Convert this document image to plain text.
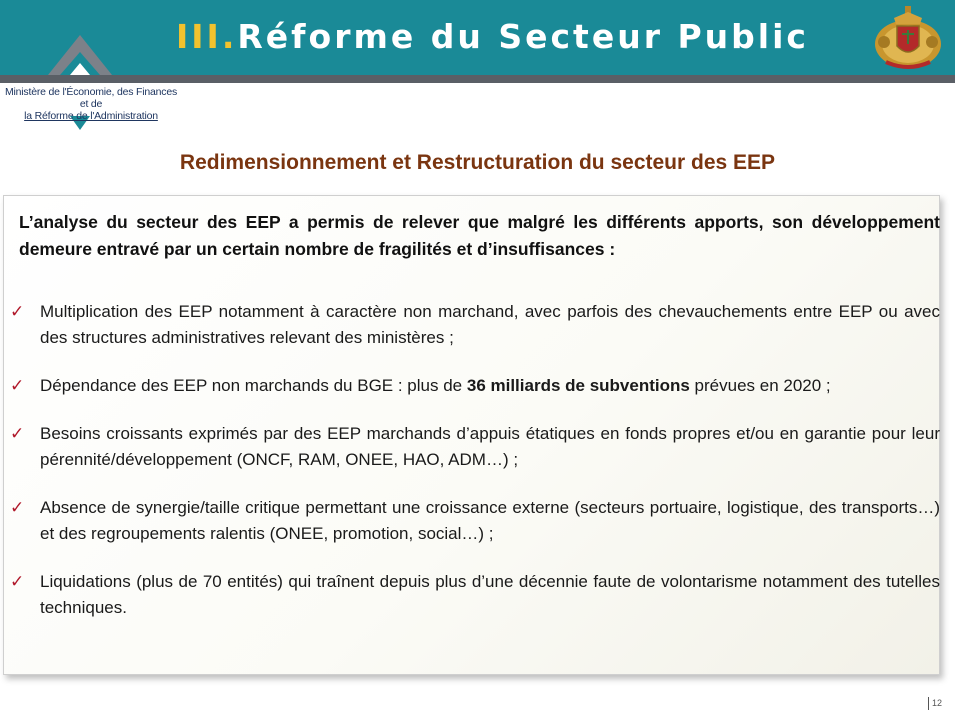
III.Réforme du Secteur Public
Ministère de l'Économie, des Finances et de
la Réforme de l'Administration
Redimensionnement et Restructuration du secteur des EEP
L’analyse du secteur des EEP a permis de relever que malgré les différents apports, son développement demeure entravé par un certain nombre de fragilités et d’insuffisances :
✓ Multiplication des EEP notamment à caractère non marchand, avec parfois des chevauchements entre EEP ou avec des structures administratives relevant des ministères ;
✓ Dépendance des EEP non marchands du BGE : plus de 36 milliards de subventions prévues en 2020 ;
✓ Besoins croissants exprimés par des EEP marchands d’appuis étatiques en fonds propres et/ou en garantie pour leur pérennité/développement (ONCF, RAM, ONEE, HAO, ADM…) ;
✓ Absence de synergie/taille critique permettant une croissance externe (secteurs portuaire, logistique, des transports…) et des regroupements ralentis (ONEE, promotion, social…) ;
✓ Liquidations (plus de 70 entités) qui traînent depuis plus d’une décennie faute de volontarisme notamment des tutelles techniques.
12
